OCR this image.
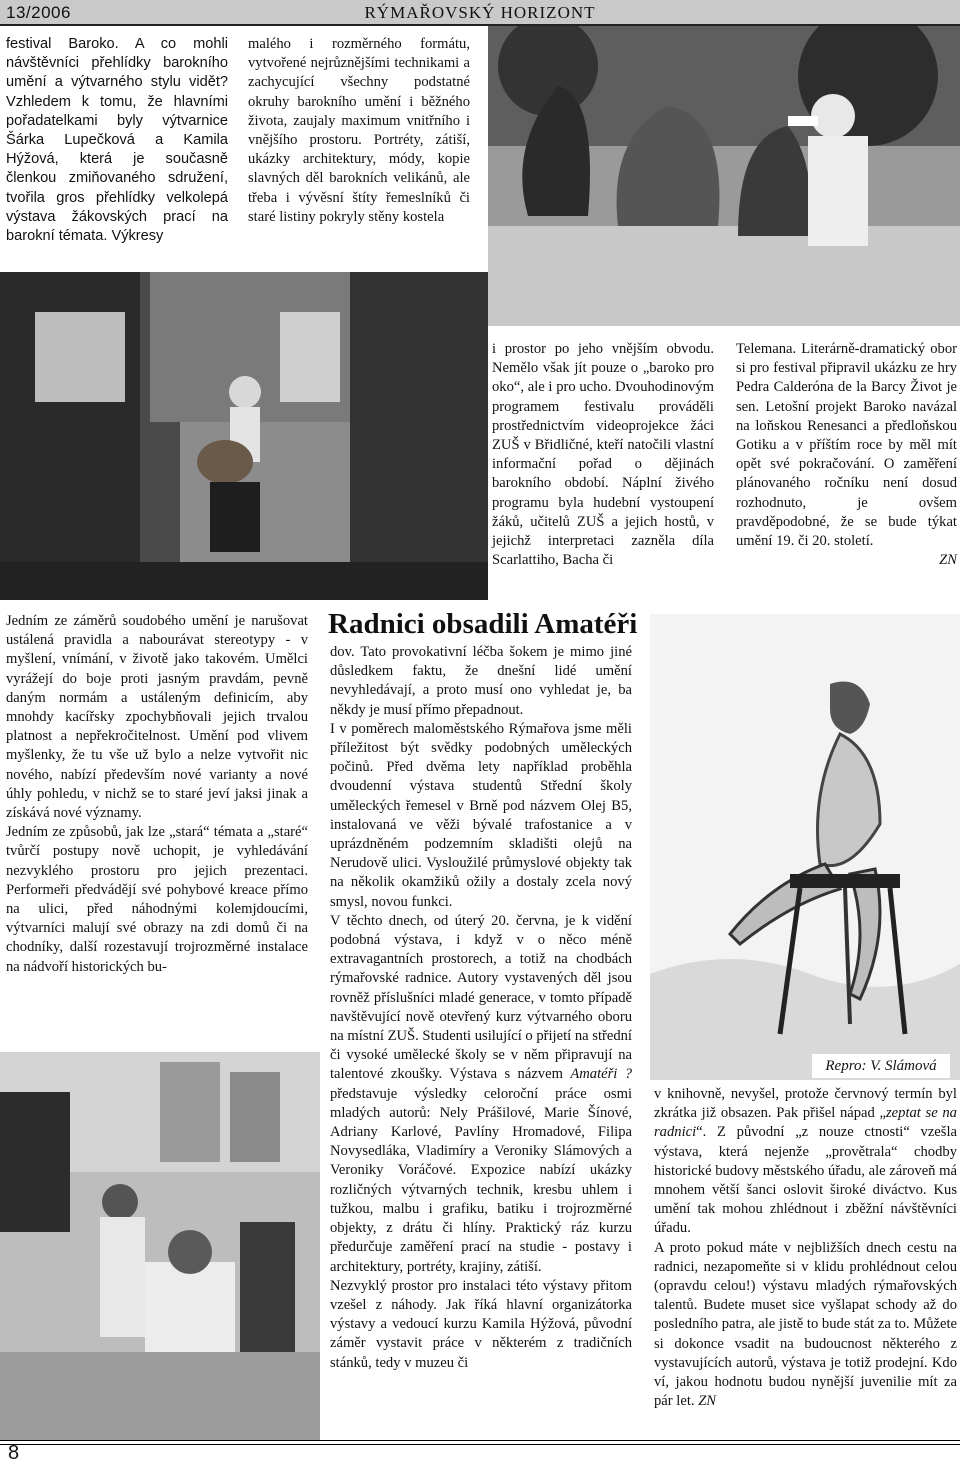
13/2006	RÝMAŘOVSKÝ HORIZONT

festival Baroko. A co mohli návštěvníci přehlídky barokního umění a výtvarného stylu vidět? Vzhledem k tomu, že hlavními pořadatelkami byly výtvarnice Šárka Lupečková a Kamila Hýžová, která je současně členkou zmiňovaného sdružení, tvořila gros přehlídky velkolepá výstava žákovských prací na barokní témata. Výkresy

malého i rozměrného formátu, vytvořené nejrůznějšími technikami a zachycující všechny podstatné okruhy barokního umění i běžného života, zaujaly maximum vnitřního i vnějšího prostoru. Portréty, zátiší, ukázky architektury, módy, kopie slavných děl barokních velikánů, ale třeba i vývěsní štíty řemeslníků či staré listiny pokryly stěny kostela

i prostor po jeho vnějším obvodu. Nemělo však jít pouze o „baroko pro oko“, ale i pro ucho. Dvouhodinovým programem festivalu prováděli prostřednictvím videoprojekce žáci ZUŠ v Břidličné, kteří natočili vlastní informační pořad o dějinách barokního období. Náplní živého programu byla hudební vystoupení žáků, učitelů ZUŠ a jejich hostů, v jejichž interpretaci zazněla díla Scarlattiho, Bacha či

Telemana. Literárně-dramatický obor si pro festival připravil ukázku ze hry Pedra Calderóna de la Barcy Život je sen. Letošní projekt Baroko navázal na loňskou Renesanci a předloňskou Gotiku a v příštím roce by měl mít opět své pokračování. O zaměření plánovaného ročníku není dosud rozhodnuto, je ovšem pravděpodobné, že se bude týkat umění 19. či 20. století.

ZN
Radnici obsadili Amatéři

Jedním ze záměrů soudobého umění je narušovat ustálená pravidla a nabourávat stereotypy - v myšlení, vnímání, v životě jako takovém. Umělci vyrážejí do boje proti jasným pravdám, pevně daným normám a ustáleným definicím, aby mnohdy kacířsky zpochybňovali jejich trvalou platnost a nepřekročitelnost. Umění pod vlivem myšlenky, že tu vše už bylo a nelze vytvořit nic nového, nabízí především nové varianty a nové úhly pohledu, v nichž se to staré jeví jaksi jinak a získává nové významy.

Jedním ze způsobů, jak lze „stará“ témata a „staré“ tvůrčí postupy nově uchopit, je vyhledávání nezvyklého prostoru pro jejich prezentaci. Performeři předvádějí své pohybové kreace přímo na ulici, před náhodnými kolemjdoucími, výtvarníci malují své obrazy na zdi domů či na chodníky, další rozestavují trojrozměrné instalace na nádvoří historických bu-

dov. Tato provokativní léčba šokem je mimo jiné důsledkem faktu, že dnešní lidé umění nevyhledávají, a proto musí ono vyhledat je, ba někdy je musí přímo přepadnout.

I v poměrech maloměstského Rýmařova jsme měli příležitost být svědky podobných uměleckých počinů. Před dvěma lety například proběhla dvoudenní výstava studentů Střední školy uměleckých řemesel v Brně pod názvem Olej B5, instalovaná ve věži bývalé trafostanice a v uprázdněném podzemním skladišti olejů na Nerudově ulici. Vysloužilé průmyslové objekty tak na několik okamžiků ožily a dostaly zcela nový smysl, novou funkci.

V těchto dnech, od úterý 20. června, je k vidění podobná výstava, i když v o něco méně extravagantních prostorech, a totiž na chodbách rýmařovské radnice. Autory vystavených děl jsou rovněž příslušníci mladé generace, v tomto případě navštěvující nově otevřený kurz výtvarného oboru na místní ZUŠ. Studenti usilující o přijetí na střední či vysoké umělecké školy se v něm připravují na talentové zkoušky. Výstava s názvem Amatéři ? představuje výsledky celoroční práce osmi mladých autorů: Nely Prášilové, Marie Šínové, Adriany Karlové, Pavlíny Hromadové, Filipa Novysedláka, Vladimíry a Veroniky Slámových a Veroniky Voráčové. Expozice nabízí ukázky rozličných výtvarných technik, kresbu uhlem i tužkou, malbu i grafiku, batiku i trojrozměrné objekty, z drátu či hlíny. Praktický ráz kurzu předurčuje zaměření prací na studie - postavy i architektury, portréty, krajiny, zátiší.

Nezvyklý prostor pro instalaci této výstavy přitom vzešel z náhody. Jak říká hlavní organizátorka výstavy a vedoucí kurzu Kamila Hýžová, původní záměr vystavit práce v některém z tradičních stánků, tedy v muzeu či

Repro: V. Slámová

v knihovně, nevyšel, protože červnový termín byl zkrátka již obsazen. Pak přišel nápad „zeptat se na radnici“. Z původní „z nouze ctnosti“ vzešla výstava, která nejenže „provětrala“ chodby historické budovy městského úřadu, ale zároveň má mnohem větší šanci oslovit široké diváctvo. Kus umění tak mohou zhlédnout i zběžní návštěvníci úřadu.

A proto pokud máte v nejbližších dnech cestu na radnici, nezapomeňte si v klidu prohlédnout celou (opravdu celou!) výstavu mladých rýmařovských talentů. Budete muset sice vyšlapat schody až do posledního patra, ale jistě to bude stát za to. Můžete si dokonce vsadit na budoucnost některého z vystavujících autorů, výstava je totiž prodejní. Kdo ví, jakou hodnotu budou nynější juvenilie mít za pár let. ZN

8
